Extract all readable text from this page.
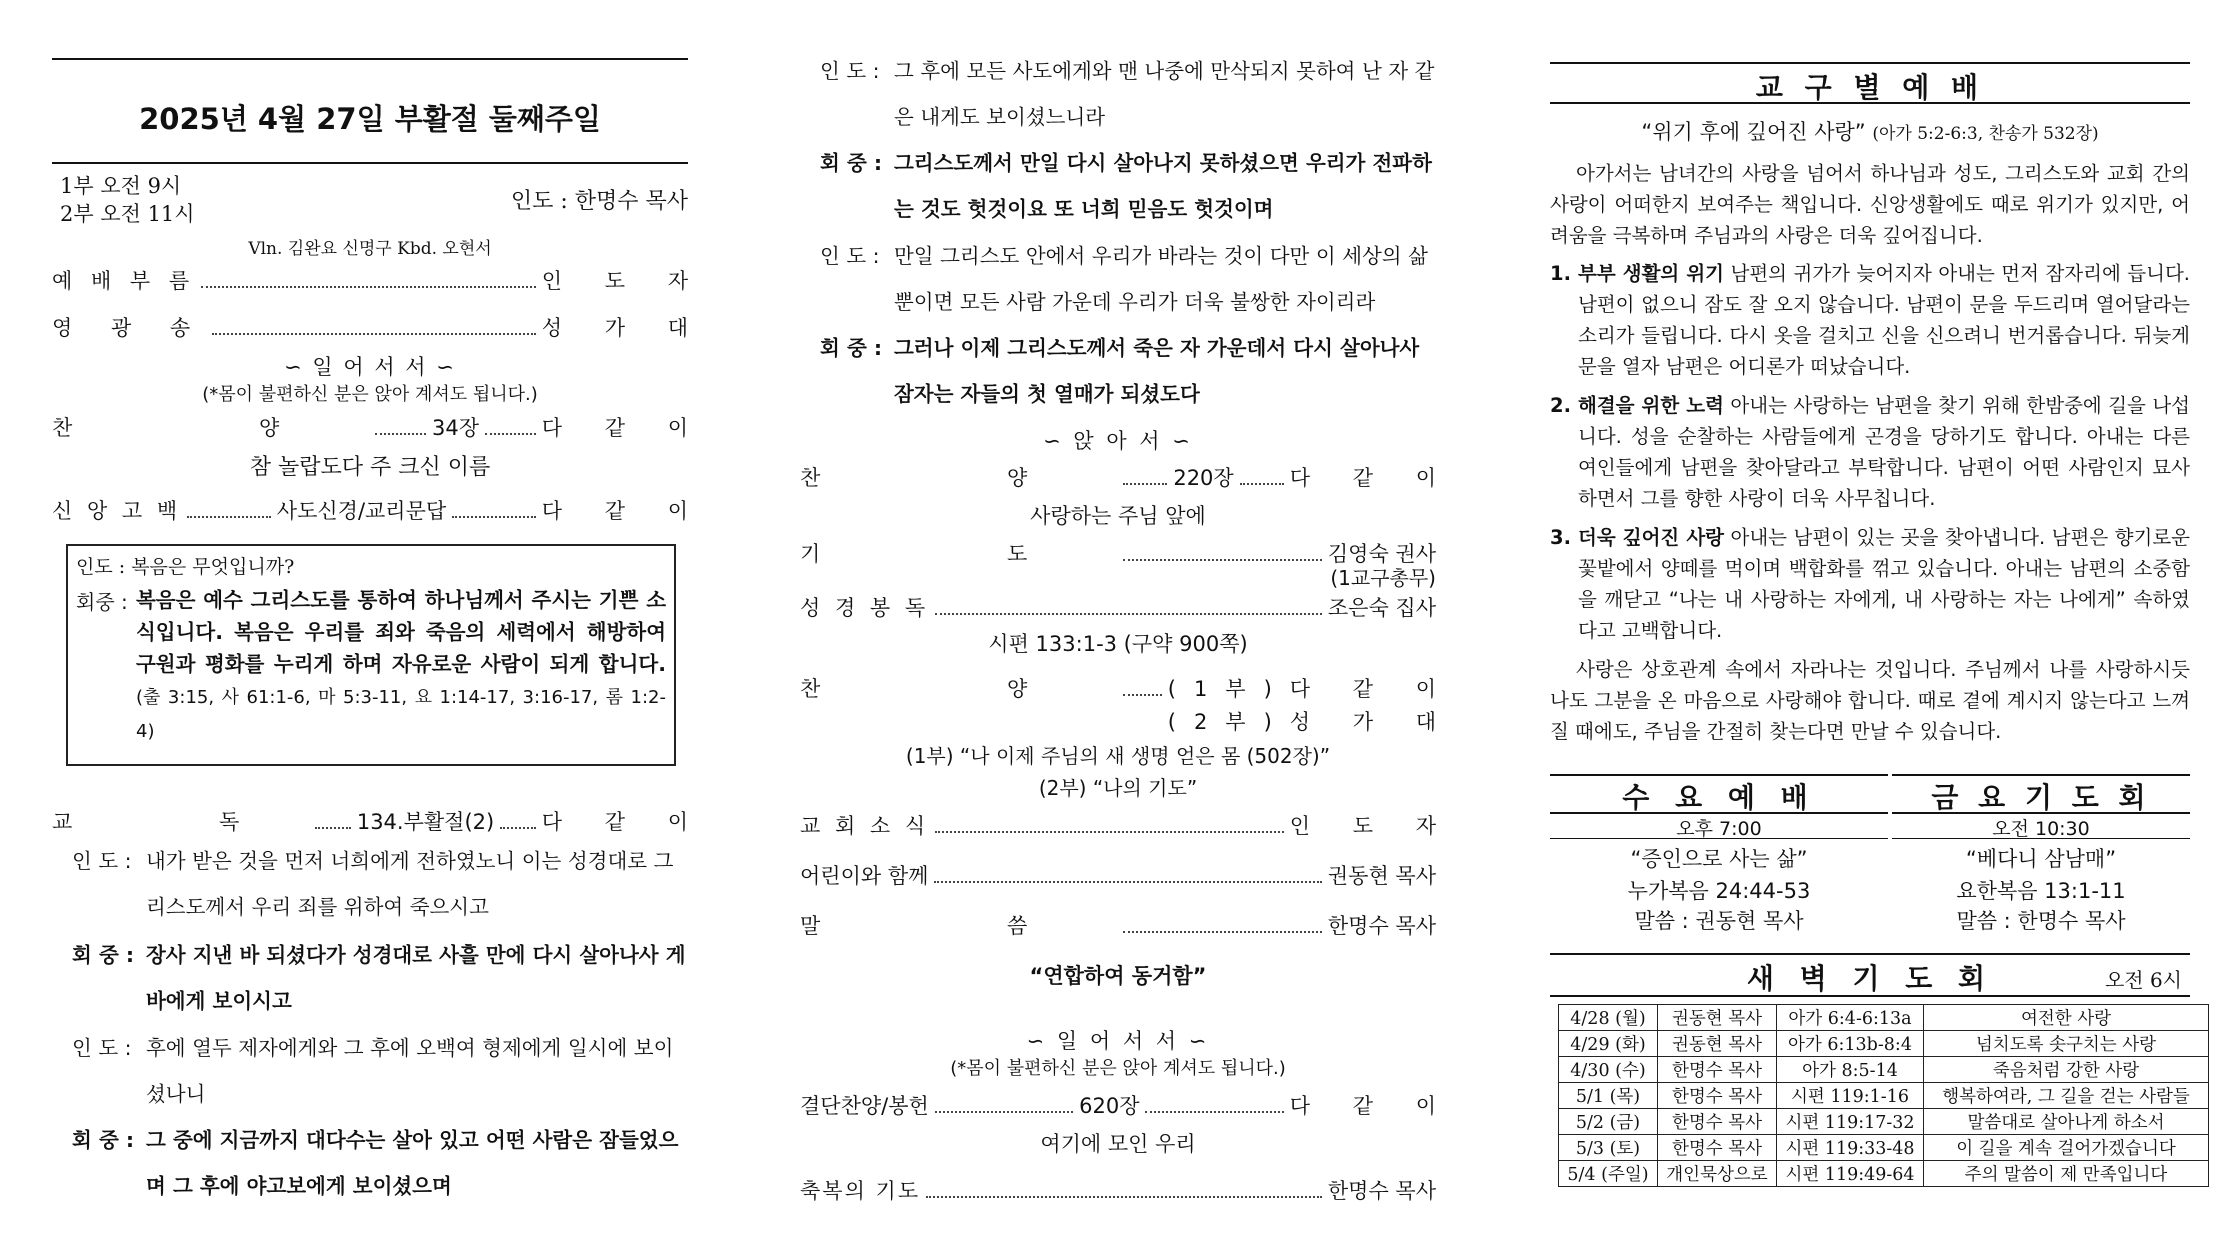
2025년 4월 27일 부활절 둘째주일
1부 오전 9시
2부 오전 11시	인도 : 한명수 목사
Vln. 김완요 신명구 Kbd. 오현서
예 배 부 름	인 도 자
영 광 송	성 가 대
∽ 일 어 서 서 ∽
(*몸이 불편하신 분은 앉아 계셔도 됩니다.)
찬 양	34장	다 같 이
참 놀랍도다 주 크신 이름
신 앙 고 백	사도신경/교리문답	다 같 이
인도 : 복음은 무엇입니까?
회중 : 복음은 예수 그리스도를 통하여 하나님께서 주시는 기쁜 소식입니다. 복음은 우리를 죄와 죽음의 세력에서 해방하여 구원과 평화를 누리게 하며 자유로운 사람이 되게 합니다. (출 3:15, 사 61:1-6, 마 5:3-11, 요 1:14-17, 3:16-17, 롬 1:2-4)
교 독 134.부활절(2) 다 같 이
인 도 : 내가 받은 것을 먼저 너희에게 전하였노니 이는 성경대로 그리스도께서 우리 죄를 위하여 죽으시고
회 중 : 장사 지낸 바 되셨다가 성경대로 사흘 만에 다시 살아나사 게바에게 보이시고
인 도 : 후에 열두 제자에게와 그 후에 오백여 형제에게 일시에 보이셨나니
회 중 : 그 중에 지금까지 대다수는 살아 있고 어떤 사람은 잠들었으며 그 후에 야고보에게 보이셨으며
인 도 : 그 후에 모든 사도에게와 맨 나중에 만삭되지 못하여 난 자 같은 내게도 보이셨느니라
회 중 : 그리스도께서 만일 다시 살아나지 못하셨으면 우리가 전파하는 것도 헛것이요 또 너희 믿음도 헛것이며
인 도 : 만일 그리스도 안에서 우리가 바라는 것이 다만 이 세상의 삶뿐이면 모든 사람 가운데 우리가 더욱 불쌍한 자이리라
회 중 : 그러나 이제 그리스도께서 죽은 자 가운데서 다시 살아나사 잠자는 자들의 첫 열매가 되셨도다
∽ 앉 아 서 ∽
찬 양	220장	다 같 이
사랑하는 주님 앞에
기 도	김영숙 권사
(1교구총무)
성 경 봉 독	조은숙 집사
시편 133:1-3 (구약 900쪽)
찬 양 (1부)다 같 이
(2부)성 가 대
(1부) “나 이제 주님의 새 생명 얻은 몸 (502장)”
(2부) “나의 기도”
교 회 소 식	인 도 자
어린이와 함께	권동현 목사
말 씀	한명수 목사
“연합하여 동거함”
∽ 일 어 서 서 ∽
(*몸이 불편하신 분은 앉아 계셔도 됩니다.)
결단찬양/봉헌	620장	다 같 이
여기에 모인 우리
축복의 기도	한명수 목사
교 구 별 예 배
“위기 후에 깊어진 사랑” (아가 5:2-6:3, 찬송가 532장)
아가서는 남녀간의 사랑을 넘어서 하나님과 성도, 그리스도와 교회 간의 사랑이 어떠한지 보여주는 책입니다. 신앙생활에도 때로 위기가 있지만, 어려움을 극복하며 주님과의 사랑은 더욱 깊어집니다.
1. 부부 생활의 위기 남편의 귀가가 늦어지자 아내는 먼저 잠자리에 듭니다. 남편이 없으니 잠도 잘 오지 않습니다. 남편이 문을 두드리며 열어달라는 소리가 들립니다. 다시 옷을 걸치고 신을 신으려니 번거롭습니다. 뒤늦게 문을 열자 남편은 어디론가 떠났습니다.
2. 해결을 위한 노력 아내는 사랑하는 남편을 찾기 위해 한밤중에 길을 나섭니다. 성을 순찰하는 사람들에게 곤경을 당하기도 합니다. 아내는 다른 여인들에게 남편을 찾아달라고 부탁합니다. 남편이 어떤 사람인지 묘사하면서 그를 향한 사랑이 더욱 사무칩니다.
3. 더욱 깊어진 사랑 아내는 남편이 있는 곳을 찾아냅니다. 남편은 향기로운 꽃밭에서 양떼를 먹이며 백합화를 꺾고 있습니다. 아내는 남편의 소중함을 깨닫고 “나는 내 사랑하는 자에게, 내 사랑하는 자는 나에게” 속하였다고 고백합니다.
사랑은 상호관계 속에서 자라나는 것입니다. 주님께서 나를 사랑하시듯 나도 그분을 온 마음으로 사랑해야 합니다. 때로 곁에 계시지 않는다고 느껴질 때에도, 주님을 간절히 찾는다면 만날 수 있습니다.
수 요 예 배
오후 7:00
“증인으로 사는 삶”
누가복음 24:44-53
말씀 : 권동현 목사
금 요 기 도 회
오전 10:30
“베다니 삼남매”
요한복음 13:1-11
말씀 : 한명수 목사
새 벽 기 도 회	오전 6시
4/28 (월)	권동현 목사	아가 6:4-6:13a	여전한 사랑
4/29 (화)	권동현 목사	아가 6:13b-8:4	넘치도록 솟구치는 사랑
4/30 (수)	한명수 목사	아가 8:5-14	죽음처럼 강한 사랑
5/1 (목)	한명수 목사	시편 119:1-16	행복하여라, 그 길을 걷는 사람들
5/2 (금)	한명수 목사	시편 119:17-32	말씀대로 살아나게 하소서
5/3 (토)	한명수 목사	시편 119:33-48	이 길을 계속 걸어가겠습니다
5/4 (주일)	개인묵상으로	시편 119:49-64	주의 말씀이 제 만족입니다
